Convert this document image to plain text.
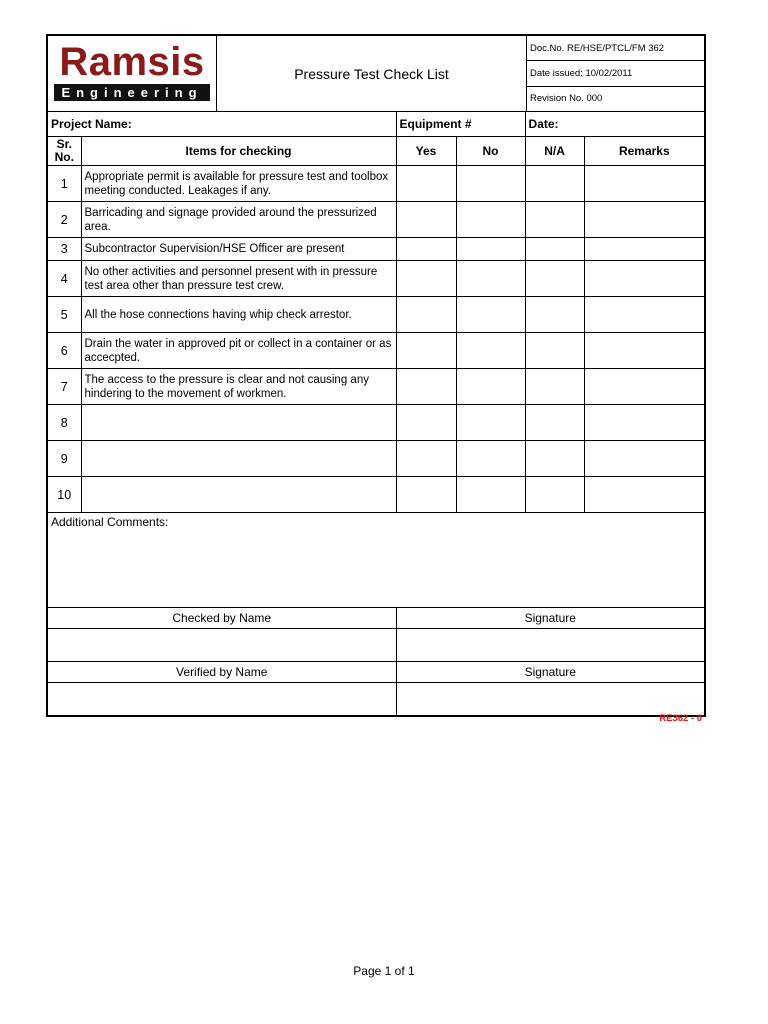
Ramsis
Engineering
Pressure Test Check List
Doc.No. RE/HSE/PTCL/FM 362
Date issued: 10/02/2011
Revision No. 000
Project Name:		Equipment #		Date:	
Sr.
No.	Items for checking	Yes	No	N/A	Remarks
1	Appropriate permit is available for pressure test and toolbox meeting conducted. Leakages if any.				
2	Barricading and signage provided around the pressurized area.				
3	Subcontractor Supervision/HSE Officer are present				
4	No other activities and personnel present with in pressure test area other than pressure test crew.				
5	All the hose connections having whip check arrestor.				
6	Drain the water in approved pit or collect in a container or as accecpted.				
7	The access to the pressure is clear and not causing any hindering to the movement of workmen.				
8					
9					
10					
Additional Comments:
Checked by Name	Signature

Verified by Name	Signature

RE362 - 0
Page 1 of 1
